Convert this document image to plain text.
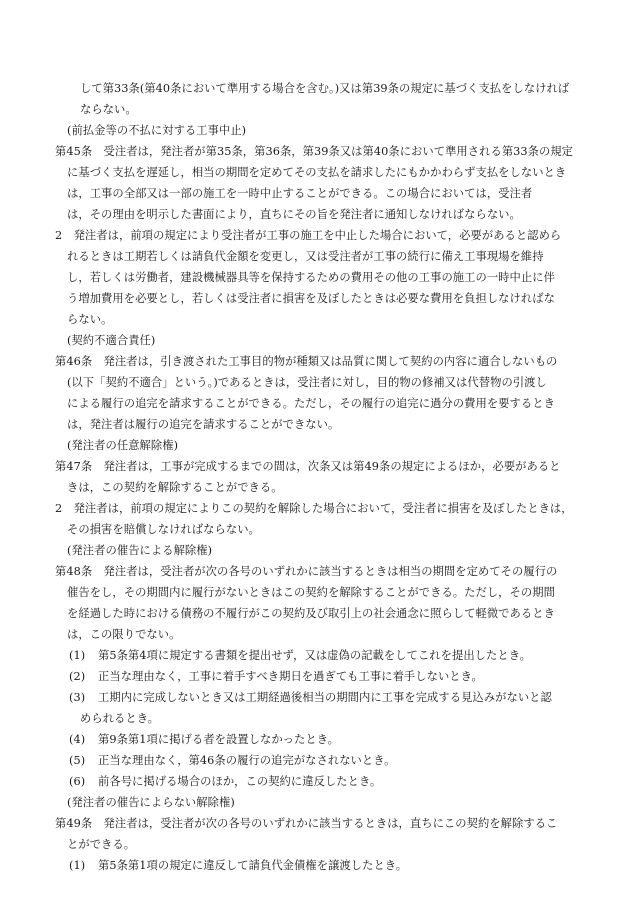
して第33条(第40条において準用する場合を含む。)又は第39条の規定に基づく支払をしなければ
ならない。
(前払金等の不払に対する工事中止)
第45条　受注者は，発注者が第35条，第36条，第39条又は第40条において準用される第33条の規定
に基づく支払を遅延し，相当の期間を定めてその支払を請求したにもかかわらず支払をしないとき
は，工事の全部又は一部の施工を一時中止することができる。この場合においては，受注者
は，その理由を明示した書面により，直ちにその旨を発注者に通知しなければならない。
2　発注者は，前項の規定により受注者が工事の施工を中止した場合において，必要があると認めら
れるときは工期若しくは請負代金額を変更し，又は受注者が工事の続行に備え工事現場を維持
し，若しくは労働者，建設機械器具等を保持するための費用その他の工事の施工の一時中止に伴
う増加費用を必要とし，若しくは受注者に損害を及ぼしたときは必要な費用を負担しなければな
らない。
(契約不適合責任)
第46条　発注者は，引き渡された工事目的物が種類又は品質に関して契約の内容に適合しないもの
(以下「契約不適合」という。)であるときは，受注者に対し，目的物の修補又は代替物の引渡し
による履行の追完を請求することができる。ただし，その履行の追完に過分の費用を要するとき
は，発注者は履行の追完を請求することができない。
(発注者の任意解除権)
第47条　発注者は，工事が完成するまでの間は，次条又は第49条の規定によるほか，必要があると
きは，この契約を解除することができる。
2　発注者は，前項の規定によりこの契約を解除した場合において，受注者に損害を及ぼしたときは，
その損害を賠償しなければならない。
(発注者の催告による解除権)
第48条　発注者は，受注者が次の各号のいずれかに該当するときは相当の期間を定めてその履行の
催告をし，その期間内に履行がないときはこの契約を解除することができる。ただし，その期間
を経過した時における債務の不履行がこの契約及び取引上の社会通念に照らして軽微であるとき
は，この限りでない。
(1) 第5条第4項に規定する書類を提出せず，又は虚偽の記載をしてこれを提出したとき。
(2) 正当な理由なく，工事に着手すべき期日を過ぎても工事に着手しないとき。
(3) 工期内に完成しないとき又は工期経過後相当の期間内に工事を完成する見込みがないと認
められるとき。
(4) 第9条第1項に掲げる者を設置しなかったとき。
(5) 正当な理由なく，第46条の履行の追完がなされないとき。
(6) 前各号に掲げる場合のほか，この契約に違反したとき。
(発注者の催告によらない解除権)
第49条　発注者は，受注者が次の各号のいずれかに該当するときは，直ちにこの契約を解除するこ
とができる。
(1) 第5条第1項の規定に違反して請負代金債権を譲渡したとき。
